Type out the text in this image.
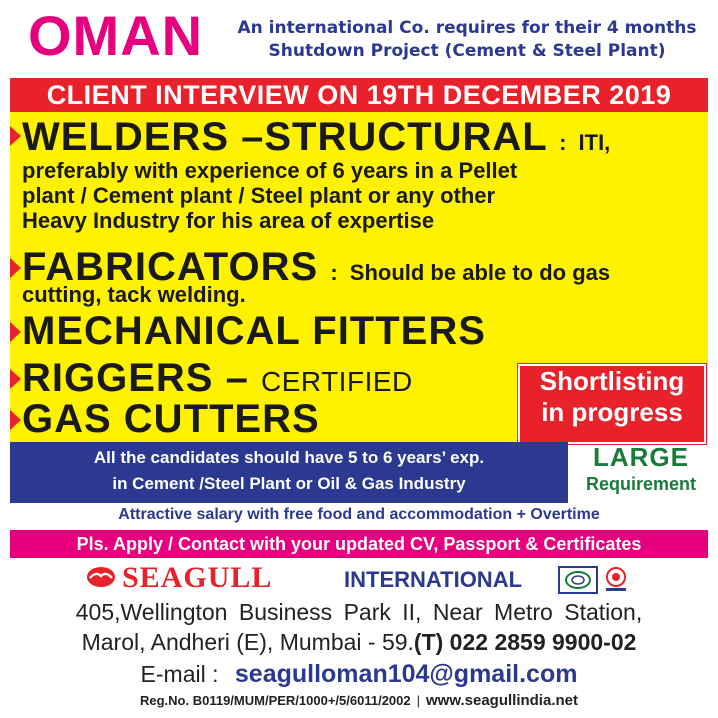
OMAN	An international Co. requires for their 4 months
Shutdown Project (Cement & Steel Plant)
CLIENT INTERVIEW ON 19TH DECEMBER 2019
WELDERS –STRUCTURAL : ITI,
preferably with experience of 6 years in a Pellet
plant / Cement plant / Steel plant or any other
Heavy Industry for his area of expertise
FABRICATORS : Should be able to do gas
cutting, tack welding.
MECHANICAL FITTERS
RIGGERS – CERTIFIED
GAS CUTTERS
Shortlisting
in progress
All the candidates should have 5 to 6 years’ exp.
in Cement /Steel Plant or Oil & Gas Industry
LARGE
Requirement
Attractive salary with free food and accommodation + Overtime
Pls. Apply / Contact with your updated CV, Passport & Certificates
SEAGULL	INTERNATIONAL
405,Wellington Business Park II, Near Metro Station,
Marol, Andheri (E), Mumbai - 59.(T) 022 2859 9900-02
E-mail : seagulloman104@gmail.com
Reg.No. B0119/MUM/PER/1000+/5/6011/2002 | www.seagullindia.net
